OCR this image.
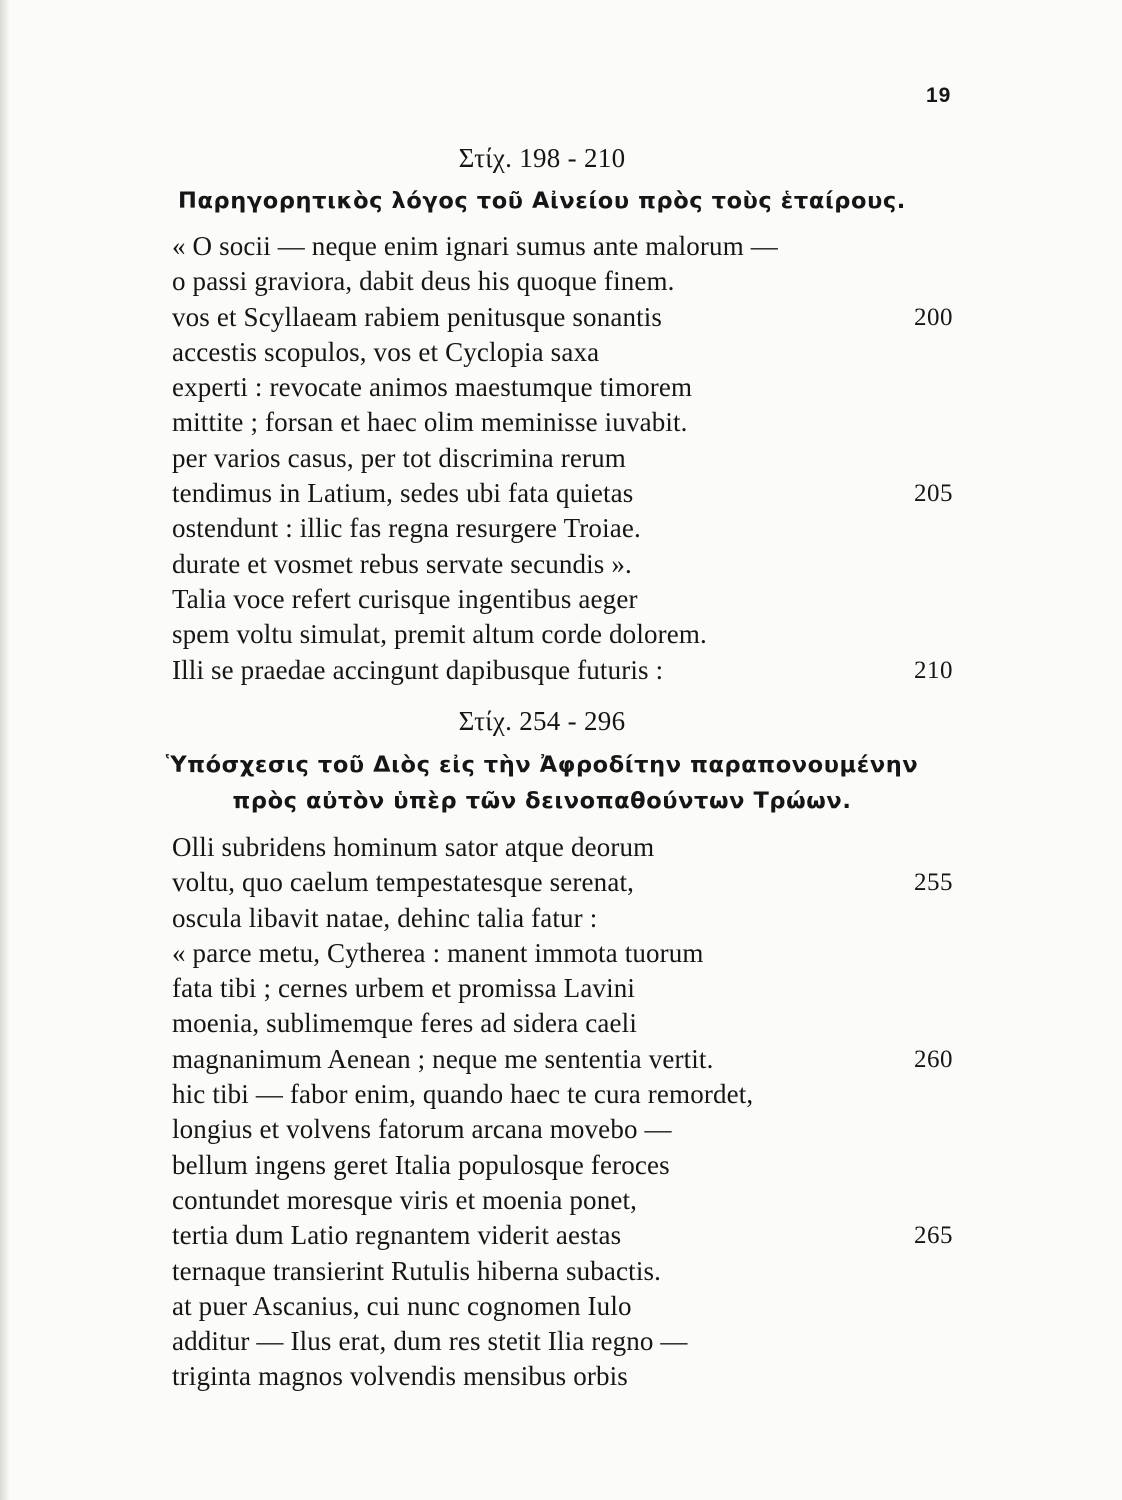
19
Στίχ. 198 - 210
Παρηγορητικὸς λόγος τοῦ Αἰνείου πρὸς τοὺς ἑταίρους.
« O socii — neque enim ignari sumus ante malorum —
o passi graviora, dabit deus his quoque finem.
vos et Scyllaeam rabiem penitusque sonantis	200
accestis scopulos, vos et Cyclopia saxa
experti : revocate animos maestumque timorem
mittite ; forsan et haec olim meminisse iuvabit.
per varios casus, per tot discrimina rerum
tendimus in Latium, sedes ubi fata quietas	205
ostendunt : illic fas regna resurgere Troiae.
durate et vosmet rebus servate secundis ».
Talia voce refert curisque ingentibus aeger
spem voltu simulat, premit altum corde dolorem.
Illi se praedae accingunt dapibusque futuris :	210
Στίχ. 254 - 296
Ὑπόσχεσις τοῦ Διὸς εἰς τὴν Ἀφροδίτην παραπονουμένην
πρὸς αὐτὸν ὑπὲρ τῶν δεινοπαθούντων Τρώων.
Olli subridens hominum sator atque deorum
voltu, quo caelum tempestatesque serenat,	255
oscula libavit natae, dehinc talia fatur :
« parce metu, Cytherea : manent immota tuorum
fata tibi ; cernes urbem et promissa Lavini
moenia, sublimemque feres ad sidera caeli
magnanimum Aenean ; neque me sententia vertit.	260
hic tibi — fabor enim, quando haec te cura remordet,
longius et volvens fatorum arcana movebo —
bellum ingens geret Italia populosque feroces
contundet moresque viris et moenia ponet,
tertia dum Latio regnantem viderit aestas	265
ternaque transierint Rutulis hiberna subactis.
at puer Ascanius, cui nunc cognomen Iulo
additur — Ilus erat, dum res stetit Ilia regno —
triginta magnos volvendis mensibus orbis
